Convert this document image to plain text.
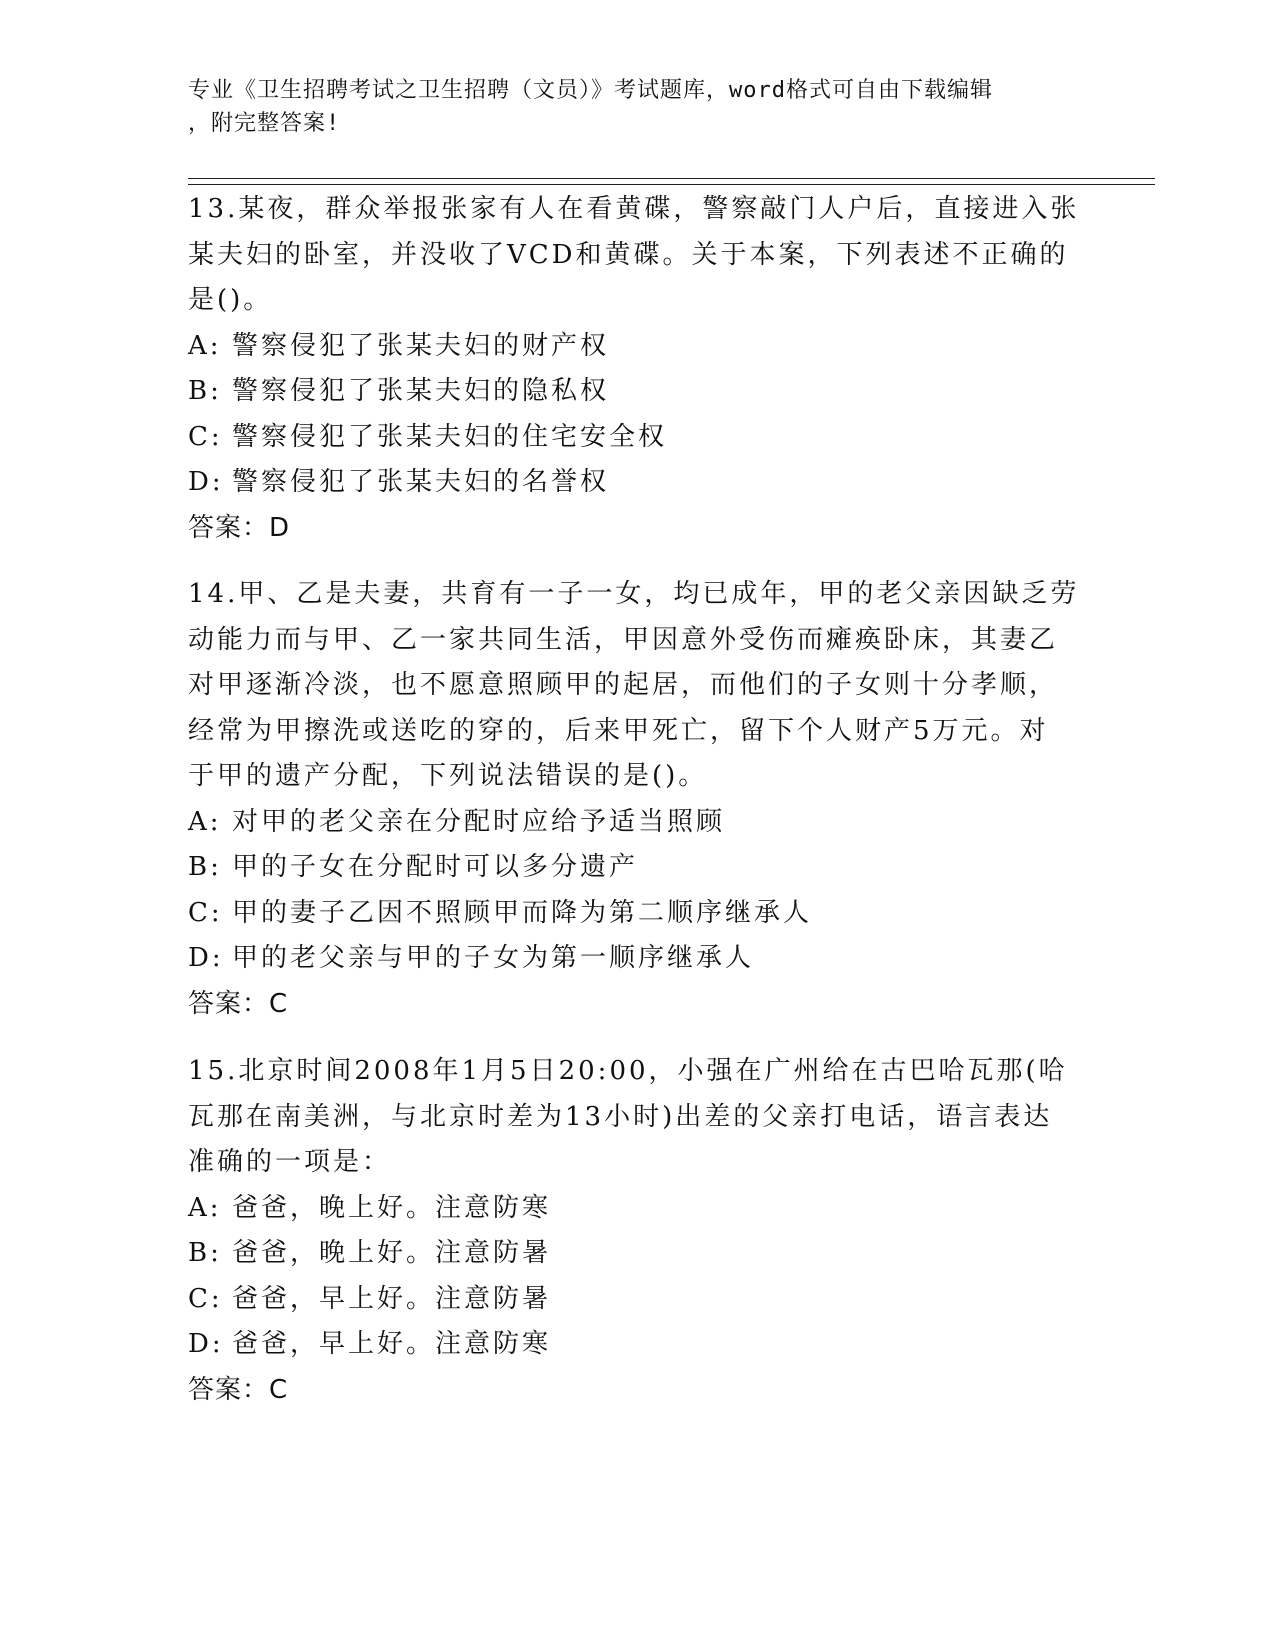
专业《卫生招聘考试之卫生招聘（文员）》考试题库，word格式可自由下载编辑
，附完整答案!
13.某夜，群众举报张家有人在看黄碟，警察敲门人户后，直接进入张
某夫妇的卧室，并没收了VCD和黄碟。关于本案，下列表述不正确的
是()。
A: 警察侵犯了张某夫妇的财产权
B: 警察侵犯了张某夫妇的隐私权
C: 警察侵犯了张某夫妇的住宅安全权
D: 警察侵犯了张某夫妇的名誉权
答案：D
14.甲、乙是夫妻，共育有一子一女，均已成年，甲的老父亲因缺乏劳
动能力而与甲、乙一家共同生活，甲因意外受伤而瘫痪卧床，其妻乙
对甲逐渐冷淡，也不愿意照顾甲的起居，而他们的子女则十分孝顺，
经常为甲擦洗或送吃的穿的，后来甲死亡，留下个人财产5万元。对
于甲的遗产分配，下列说法错误的是()。
A: 对甲的老父亲在分配时应给予适当照顾
B: 甲的子女在分配时可以多分遗产
C: 甲的妻子乙因不照顾甲而降为第二顺序继承人
D: 甲的老父亲与甲的子女为第一顺序继承人
答案：C
15.北京时间2008年1月5日20:00，小强在广州给在古巴哈瓦那(哈
瓦那在南美洲，与北京时差为13小时)出差的父亲打电话，语言表达
准确的一项是：
A: 爸爸，晚上好。注意防寒
B: 爸爸，晚上好。注意防暑
C: 爸爸，早上好。注意防暑
D: 爸爸，早上好。注意防寒
答案：C
